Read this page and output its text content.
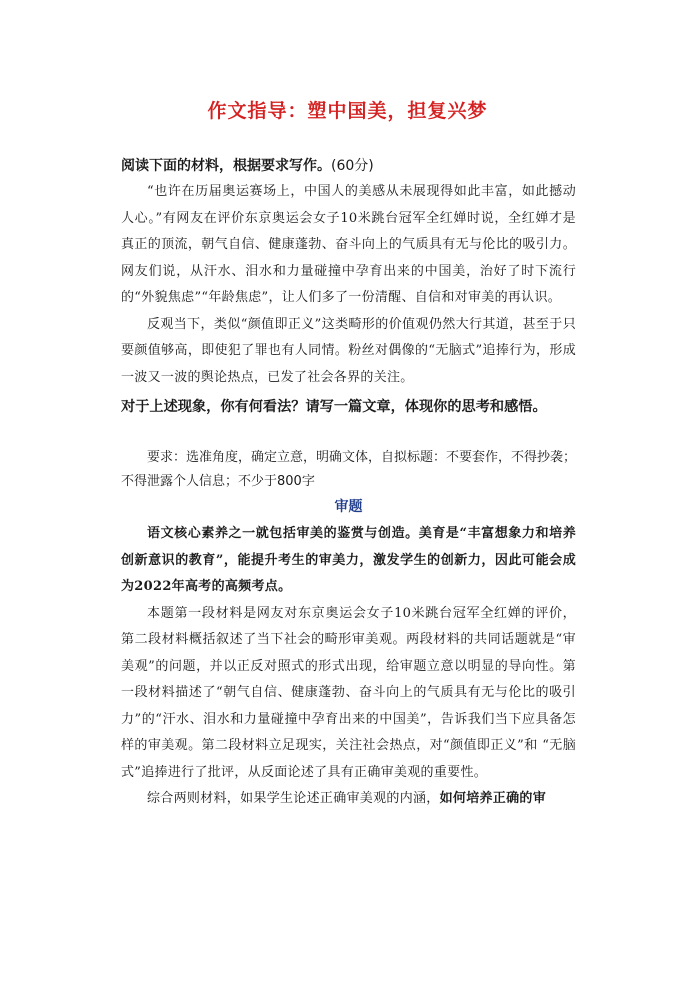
作文指导：塑中国美，担复兴梦
阅读下面的材料，根据要求写作。(60分)

“也许在历届奥运赛场上，中国人的美感从未展现得如此丰富，如此撼动人心。”有网友在评价东京奥运会女子10米跳台冠军全红婵时说，全红婵才是真正的顶流，朝气自信、健康蓬勃、奋斗向上的气质具有无与伦比的吸引力。网友们说，从汗水、泪水和力量碰撞中孕育出来的中国美，治好了时下流行的“外貌焦虑”“年龄焦虑”，让人们多了一份清醒、自信和对审美的再认识。

反观当下，类似“颜值即正义”这类畸形的价值观仍然大行其道，甚至于只要颜值够高，即使犯了罪也有人同情。粉丝对偶像的“无脑式”追捧行为，形成一波又一波的舆论热点，已发了社会各界的关注。

对于上述现象，你有何看法？请写一篇文章，体现你的思考和感悟。

要求：选准角度，确定立意，明确文体，自拟标题：不要套作，不得抄袭；不得泄露个人信息；不少于800字

审题

语文核心素养之一就包括审美的鉴赏与创造。美育是“丰富想象力和培养创新意识的教育”，能提升考生的审美力，激发学生的创新力，因此可能会成为2022年高考的高频考点。

本题第一段材料是网友对东京奥运会女子10米跳台冠军全红婵的评价，第二段材料概括叙述了当下社会的畸形审美观。两段材料的共同话题就是“审美观”的问题，并以正反对照式的形式出现，给审题立意以明显的导向性。第一段材料描述了“朝气自信、健康蓬勃、奋斗向上的气质具有无与伦比的吸引力”的“汗水、泪水和力量碰撞中孕育出来的中国美”，告诉我们当下应具备怎样的审美观。第二段材料立足现实，关注社会热点，对“颜值即正义”和 “无脑式”追捧进行了批评，从反面论述了具有正确审美观的重要性。

综合两则材料，如果学生论述正确审美观的内涵，如何培养正确的审
